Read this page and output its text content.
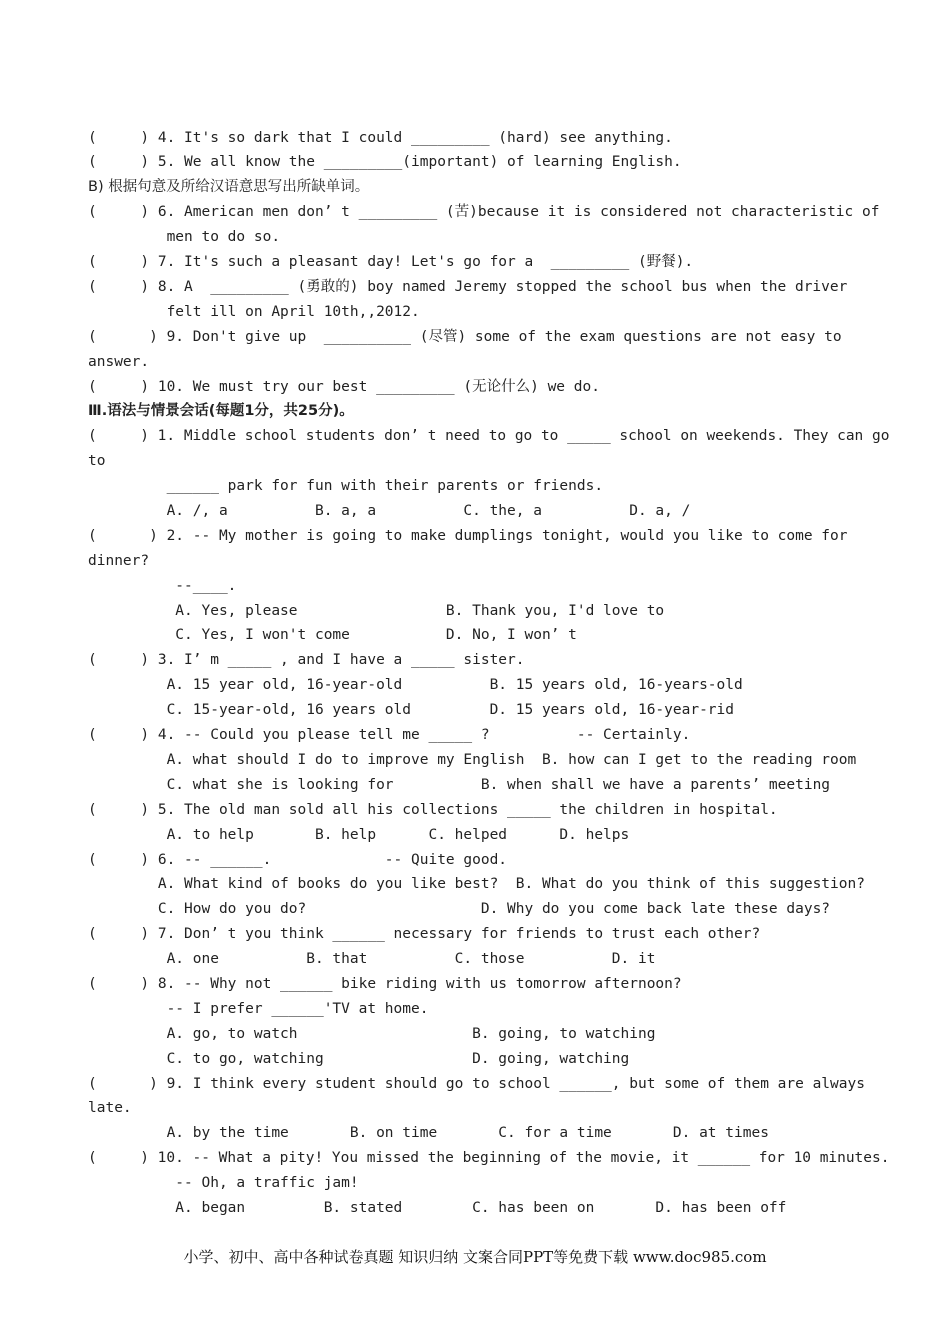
(     ) 4. It's so dark that I could _________ (hard) see anything.
(     ) 5. We all know the _________(important) of learning English.
B) 根据句意及所给汉语意思写出所缺单词。
(     ) 6. American men don’ t _________ (苦)because it is considered not characteristic of
men to do so.
(     ) 7. It's such a pleasant day! Let's go for a  _________ (野餐).
(     ) 8. A  _________ (勇敢的) boy named Jeremy stopped the school bus when the driver
felt ill on April 10th,,2012.
(      ) 9. Don't give up  __________ (尽管) some of the exam questions are not easy to
answer.
(     ) 10. We must try our best _________ (无论什么) we do.
Ⅲ.语法与情景会话(每题1分，共25分)。
(     ) 1. Middle school students don’ t need to go to _____ school on weekends. They can go
to
______ park for fun with their parents or friends.
A. /, a          B. a, a          C. the, a          D. a, /
(      ) 2. -- My mother is going to make dumplings tonight, would you like to come for
dinner?
--____.
A. Yes, please                 B. Thank you, I'd love to
C. Yes, I won't come           D. No, I won’ t
(     ) 3. I’ m _____ , and I have a _____ sister.
A. 15 year old, 16-year-old          B. 15 years old, 16-years-old
C. 15-year-old, 16 years old         D. 15 years old, 16-year-rid
(     ) 4. -- Could you please tell me _____ ?          -- Certainly.
A. what should I do to improve my English  B. how can I get to the reading room
C. what she is looking for          B. when shall we have a parents’ meeting
(     ) 5. The old man sold all his collections _____ the children in hospital.
A. to help       B. help      C. helped      D. helps
(     ) 6. -- ______.             -- Quite good.
A. What kind of books do you like best?  B. What do you think of this suggestion?
C. How do you do?                    D. Why do you come back late these days?
(     ) 7. Don’ t you think ______ necessary for friends to trust each other?
A. one          B. that          C. those          D. it
(     ) 8. -- Why not ______ bike riding with us tomorrow afternoon?
-- I prefer ______'TV at home.
A. go, to watch                    B. going, to watching
C. to go, watching                 D. going, watching
(      ) 9. I think every student should go to school ______, but some of them are always
late.
A. by the time       B. on time       C. for a time       D. at times
(     ) 10. -- What a pity! You missed the beginning of the movie, it ______ for 10 minutes.
-- Oh, a traffic jam!
A. began         B. stated        C. has been on       D. has been off
小学、初中、高中各种试卷真题 知识归纳 文案合同PPT等免费下载 www.doc985.com
